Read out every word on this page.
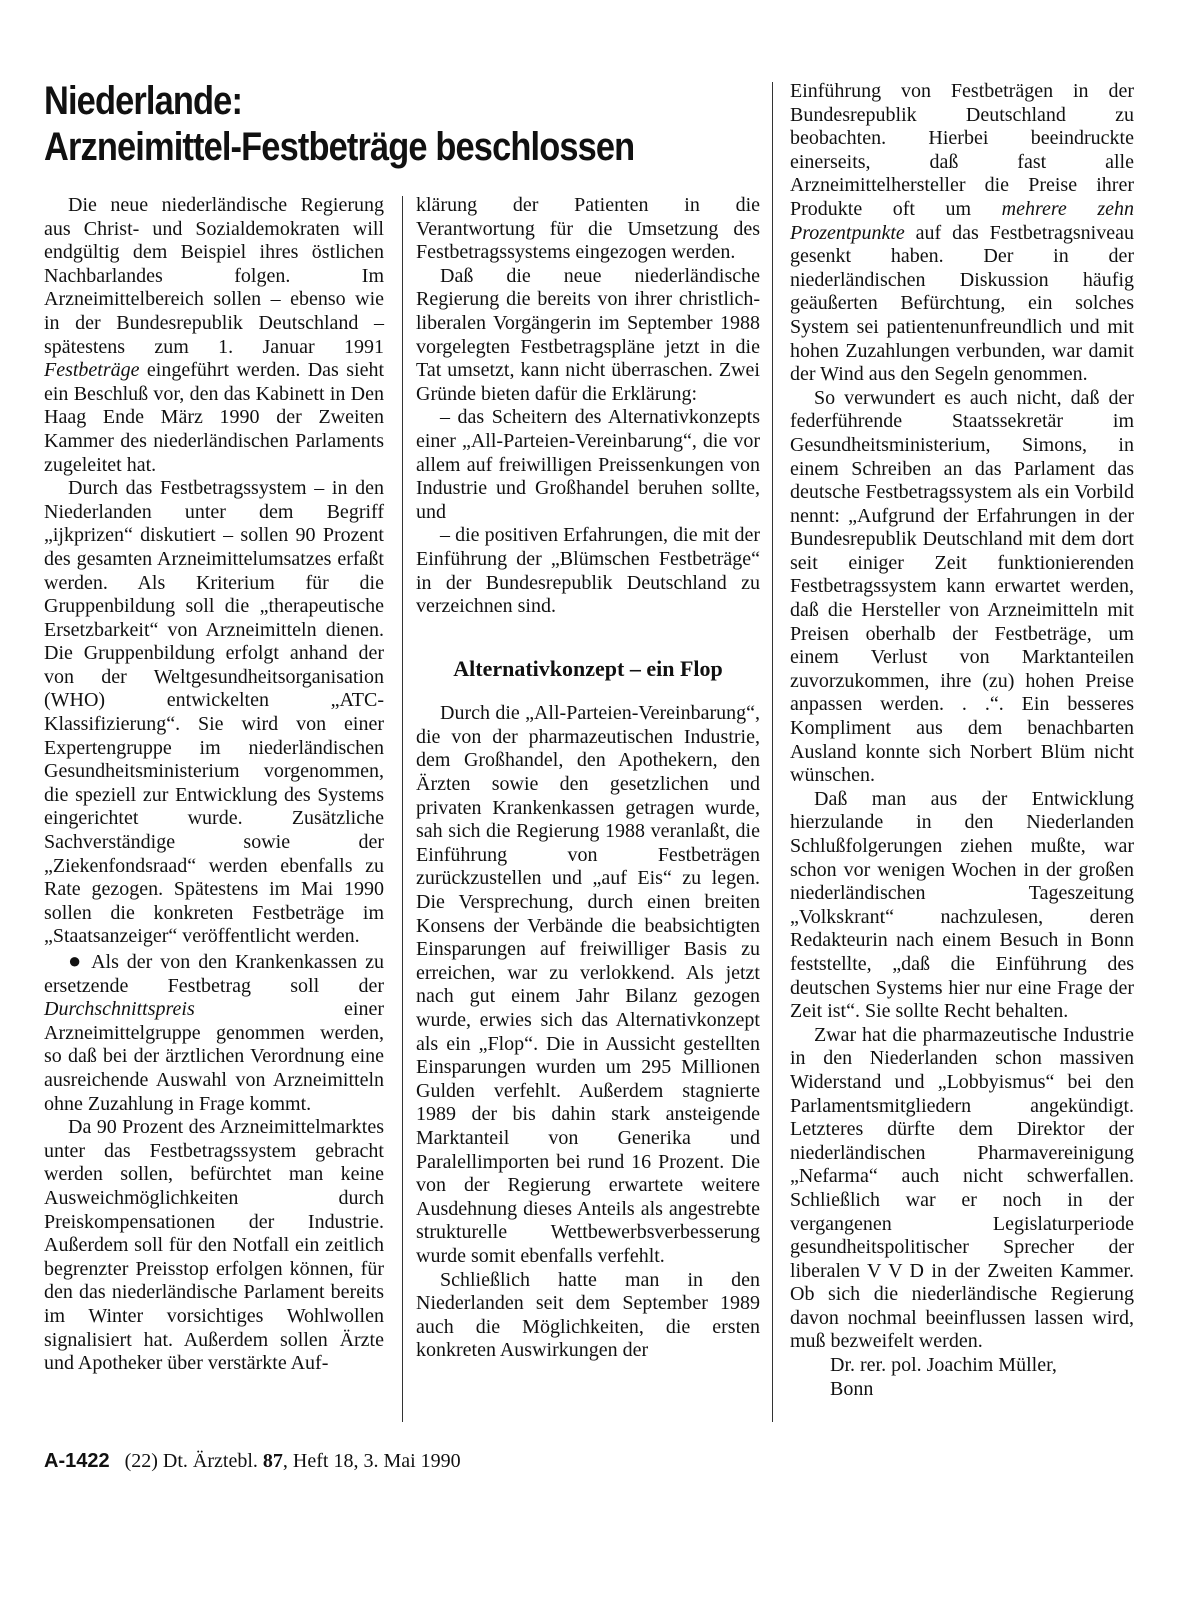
Niederlande:
Arzneimittel-Festbeträge beschlossen

Die neue niederländische Regierung aus Christ- und Sozialdemokraten will endgültig dem Beispiel ihres östlichen Nachbarlandes folgen. Im Arzneimittelbereich sollen – ebenso wie in der Bundesrepublik Deutschland – spätestens zum 1. Januar 1991 Festbeträge eingeführt werden. Das sieht ein Beschluß vor, den das Kabinett in Den Haag Ende März 1990 der Zweiten Kammer des niederländischen Parlaments zugeleitet hat.

Durch das Festbetragssystem – in den Niederlanden unter dem Begriff „ijkprizen“ diskutiert – sollen 90 Prozent des gesamten Arzneimittelumsatzes erfaßt werden. Als Kriterium für die Gruppenbildung soll die „therapeutische Ersetzbarkeit“ von Arzneimitteln dienen. Die Gruppenbildung erfolgt anhand der von der Weltgesundheitsorganisation (WHO) entwickelten „ATC-Klassifizierung“. Sie wird von einer Expertengruppe im niederländischen Gesundheitsministerium vorgenommen, die speziell zur Entwicklung des Systems eingerichtet wurde. Zusätzliche Sachverständige sowie der „Ziekenfondsraad“ werden ebenfalls zu Rate gezogen. Spätestens im Mai 1990 sollen die konkreten Festbeträge im „Staatsanzeiger“ veröffentlicht werden.

● Als der von den Krankenkassen zu ersetzende Festbetrag soll der Durchschnittspreis einer Arzneimittelgruppe genommen werden, so daß bei der ärztlichen Verordnung eine ausreichende Auswahl von Arzneimitteln ohne Zuzahlung in Frage kommt.

Da 90 Prozent des Arzneimittelmarktes unter das Festbetragssystem gebracht werden sollen, befürchtet man keine Ausweichmöglichkeiten durch Preiskompensationen der Industrie. Außerdem soll für den Notfall ein zeitlich begrenzter Preisstop erfolgen können, für den das niederländische Parlament bereits im Winter vorsichtiges Wohlwollen signalisiert hat. Außerdem sollen Ärzte und Apotheker über verstärkte Auf-

klärung der Patienten in die Verantwortung für die Umsetzung des Festbetragssystems eingezogen werden.

Daß die neue niederländische Regierung die bereits von ihrer christlich-liberalen Vorgängerin im September 1988 vorgelegten Festbetragspläne jetzt in die Tat umsetzt, kann nicht überraschen. Zwei Gründe bieten dafür die Erklärung:

– das Scheitern des Alternativkonzepts einer „All-Parteien-Vereinbarung“, die vor allem auf freiwilligen Preissenkungen von Industrie und Großhandel beruhen sollte, und

– die positiven Erfahrungen, die mit der Einführung der „Blümschen Festbeträge“ in der Bundesrepublik Deutschland zu verzeichnen sind.

Alternativkonzept – ein Flop

Durch die „All-Parteien-Vereinbarung“, die von der pharmazeutischen Industrie, dem Großhandel, den Apothekern, den Ärzten sowie den gesetzlichen und privaten Krankenkassen getragen wurde, sah sich die Regierung 1988 veranlaßt, die Einführung von Festbeträgen zurückzustellen und „auf Eis“ zu legen. Die Versprechung, durch einen breiten Konsens der Verbände die beabsichtigten Einsparungen auf freiwilliger Basis zu erreichen, war zu verlokkend. Als jetzt nach gut einem Jahr Bilanz gezogen wurde, erwies sich das Alternativkonzept als ein „Flop“. Die in Aussicht gestellten Einsparungen wurden um 295 Millionen Gulden verfehlt. Außerdem stagnierte 1989 der bis dahin stark ansteigende Marktanteil von Generika und Paralellimporten bei rund 16 Prozent. Die von der Regierung erwartete weitere Ausdehnung dieses Anteils als angestrebte strukturelle Wettbewerbsverbesserung wurde somit ebenfalls verfehlt.

Schließlich hatte man in den Niederlanden seit dem September 1989 auch die Möglichkeiten, die ersten konkreten Auswirkungen der

Einführung von Festbeträgen in der Bundesrepublik Deutschland zu beobachten. Hierbei beeindruckte einerseits, daß fast alle Arzneimittelhersteller die Preise ihrer Produkte oft um mehrere zehn Prozentpunkte auf das Festbetragsniveau gesenkt haben. Der in der niederländischen Diskussion häufig geäußerten Befürchtung, ein solches System sei patientenunfreundlich und mit hohen Zuzahlungen verbunden, war damit der Wind aus den Segeln genommen.

So verwundert es auch nicht, daß der federführende Staatssekretär im Gesundheitsministerium, Simons, in einem Schreiben an das Parlament das deutsche Festbetragssystem als ein Vorbild nennt: „Aufgrund der Erfahrungen in der Bundesrepublik Deutschland mit dem dort seit einiger Zeit funktionierenden Festbetragssystem kann erwartet werden, daß die Hersteller von Arzneimitteln mit Preisen oberhalb der Festbeträge, um einem Verlust von Marktanteilen zuvorzukommen, ihre (zu) hohen Preise anpassen werden. . .“. Ein besseres Kompliment aus dem benachbarten Ausland konnte sich Norbert Blüm nicht wünschen.

Daß man aus der Entwicklung hierzulande in den Niederlanden Schlußfolgerungen ziehen mußte, war schon vor wenigen Wochen in der großen niederländischen Tageszeitung „Volkskrant“ nachzulesen, deren Redakteurin nach einem Besuch in Bonn feststellte, „daß die Einführung des deutschen Systems hier nur eine Frage der Zeit ist“. Sie sollte Recht behalten.

Zwar hat die pharmazeutische Industrie in den Niederlanden schon massiven Widerstand und „Lobbyismus“ bei den Parlamentsmitgliedern angekündigt. Letzteres dürfte dem Direktor der niederländischen Pharmavereinigung „Nefarma“ auch nicht schwerfallen. Schließlich war er noch in der vergangenen Legislaturperiode gesundheitspolitischer Sprecher der liberalen V V D in der Zweiten Kammer. Ob sich die niederländische Regierung davon nochmal beeinflussen lassen wird, muß bezweifelt werden.

Dr. rer. pol. Joachim Müller,

Bonn

A-1422 (22) Dt. Ärztebl. 87, Heft 18, 3. Mai 1990
